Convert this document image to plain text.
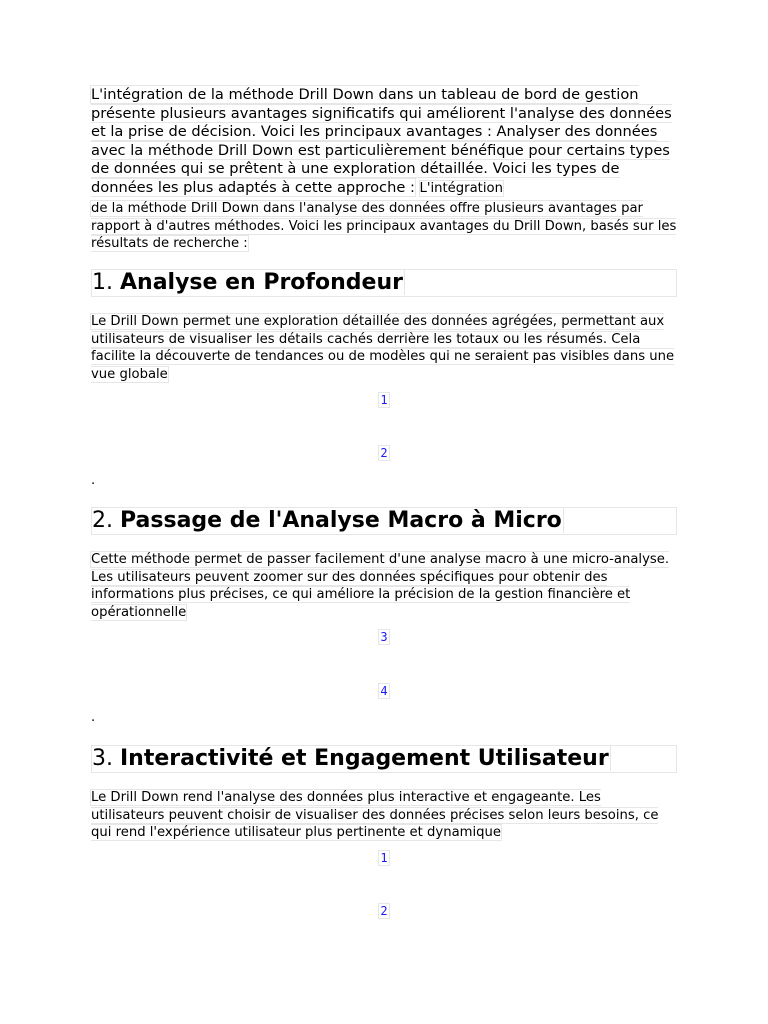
L'intégration de la méthode Drill Down dans un tableau de bord de gestion présente plusieurs avantages significatifs qui améliorent l'analyse des données et la prise de décision. Voici les principaux avantages : Analyser des données avec la méthode Drill Down est particulièrement bénéfique pour certains types de données qui se prêtent à une exploration détaillée. Voici les types de données les plus adaptés à cette approche : L'intégration
de la méthode Drill Down dans l'analyse des données offre plusieurs avantages par rapport à d'autres méthodes. Voici les principaux avantages du Drill Down, basés sur les résultats de recherche :
1. Analyse en Profondeur
Le Drill Down permet une exploration détaillée des données agrégées, permettant aux utilisateurs de visualiser les détails cachés derrière les totaux ou les résumés. Cela facilite la découverte de tendances ou de modèles qui ne seraient pas visibles dans une vue globale
1
2
.
2. Passage de l'Analyse Macro à Micro
Cette méthode permet de passer facilement d'une analyse macro à une micro-analyse. Les utilisateurs peuvent zoomer sur des données spécifiques pour obtenir des informations plus précises, ce qui améliore la précision de la gestion financière et opérationnelle
3
4
.
3. Interactivité et Engagement Utilisateur
Le Drill Down rend l'analyse des données plus interactive et engageante. Les utilisateurs peuvent choisir de visualiser des données précises selon leurs besoins, ce qui rend l'expérience utilisateur plus pertinente et dynamique
1
2
